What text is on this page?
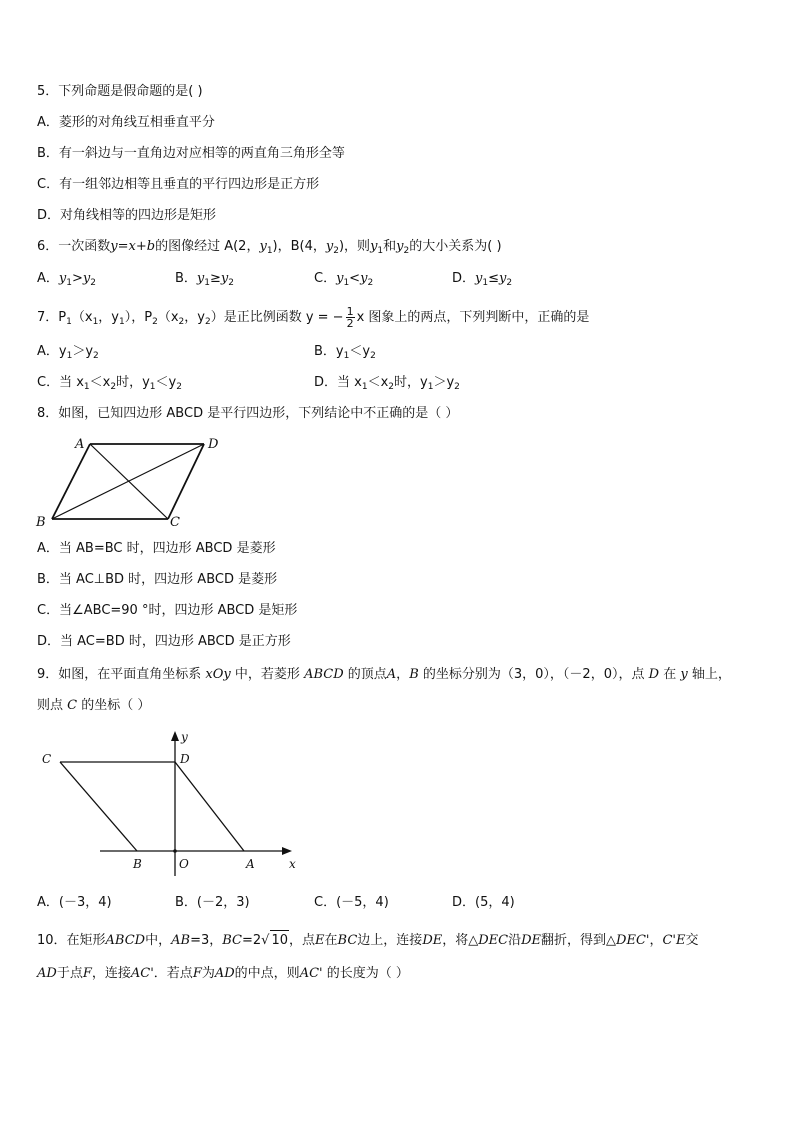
5．下列命题是假命题的是( )
A．菱形的对角线互相垂直平分
B．有一斜边与一直角边对应相等的两直角三角形全等
C．有一组邻边相等且垂直的平行四边形是正方形
D．对角线相等的四边形是矩形
6．一次函数y=x+b的图像经过 A(2，$y_1$)，B(4，$y_2$)，则$y_1$和$y_2$的大小关系为( )
A．$y_1>y_2$	B．$y_1\ge y_2$	C．$y_1<y_2$	D．$y_1\le y_2$
7．$P_1(x_1$，$y_1$），$P_2(x_2$，$y_2$）是正比例函数 y = − $\frac{1}{2}$ x 图象上的两点，下列判断中，正确的是
A．$y_1>y_2$	B．$y_1<y_2$
C．当 $x_1<x_2$时，$y_1<y_2$	D．当 $x_1<x_2$时，$y_1>y_2$
8．如图，已知四边形 ABCD 是平行四边形，下列结论中不正确的是（ ）
A	D
B	C
A．当 AB=BC 时，四边形 ABCD 是菱形
B．当 AC⊥BD 时，四边形 ABCD 是菱形
C．当∠ABC=90 °时，四边形 ABCD 是矩形
D．当 AC=BD 时，四边形 ABCD 是正方形
9．如图，在平面直角坐标系 xOy 中，若菱形 ABCD 的顶点A，B 的坐标分别为（3，0），（－2，0），点 D 在 y 轴上，
则点 C 的坐标（ ）
C	D
B	O	A	x
y
A．(－3，4)	B．(－2，3)	C．(－5，4)	D．(5，4)
10．在矩形ABCD中，AB=3，BC=2√ 10，点E在BC边上，连接DE，将△DEC沿DE翻折，得到△DEC'，C'E交
AD于点F，连接AC'．若点F为AD的中点，则AC' 的长度为（ ）
